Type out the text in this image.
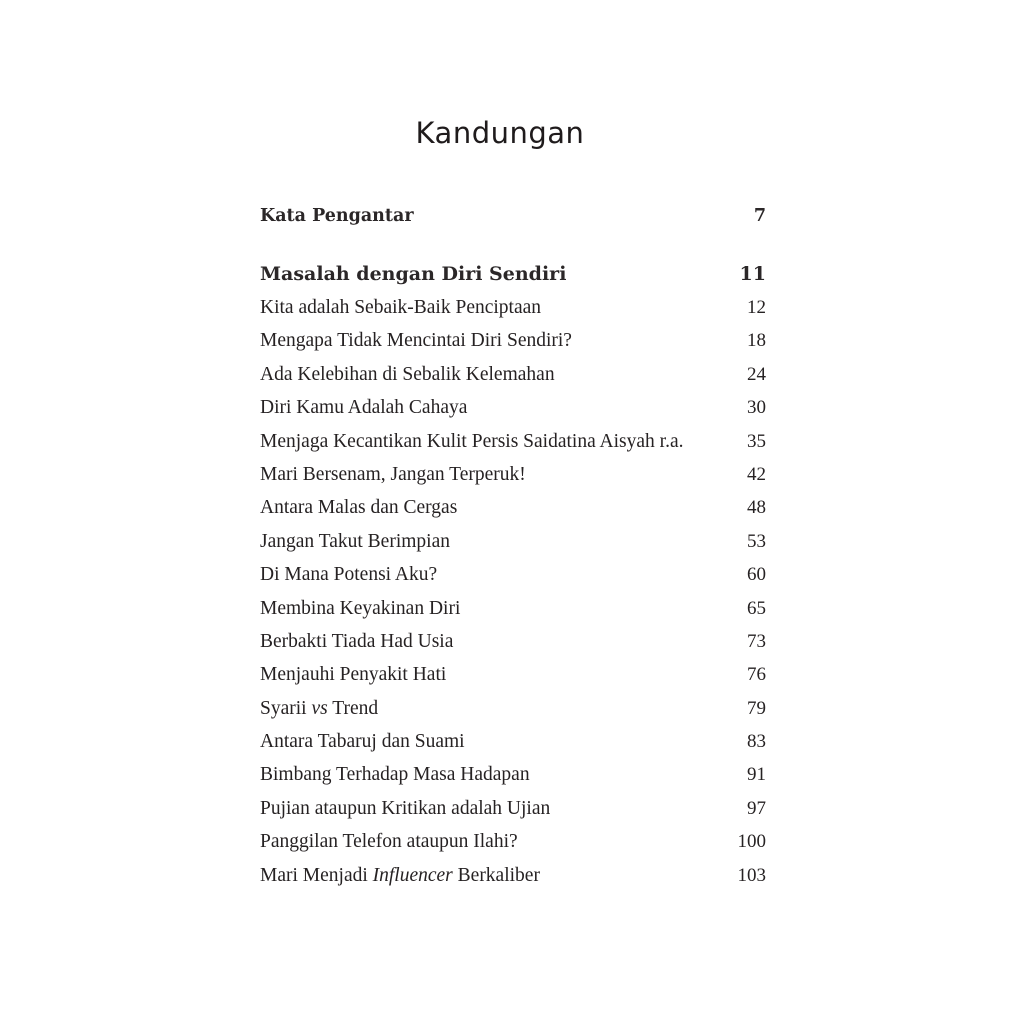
Kandungan
Kata Pengantar	7
Masalah dengan Diri Sendiri	11
Kita adalah Sebaik-Baik Penciptaan	12
Mengapa Tidak Mencintai Diri Sendiri?	18
Ada Kelebihan di Sebalik Kelemahan	24
Diri Kamu Adalah Cahaya	30
Menjaga Kecantikan Kulit Persis Saidatina Aisyah r.a.	35
Mari Bersenam, Jangan Terperuk!	42
Antara Malas dan Cergas	48
Jangan Takut Berimpian	53
Di Mana Potensi Aku?	60
Membina Keyakinan Diri	65
Berbakti Tiada Had Usia	73
Menjauhi Penyakit Hati	76
Syarii vs Trend	79
Antara Tabaruj dan Suami	83
Bimbang Terhadap Masa Hadapan	91
Pujian ataupun Kritikan adalah Ujian	97
Panggilan Telefon ataupun Ilahi?	100
Mari Menjadi Influencer Berkaliber	103
